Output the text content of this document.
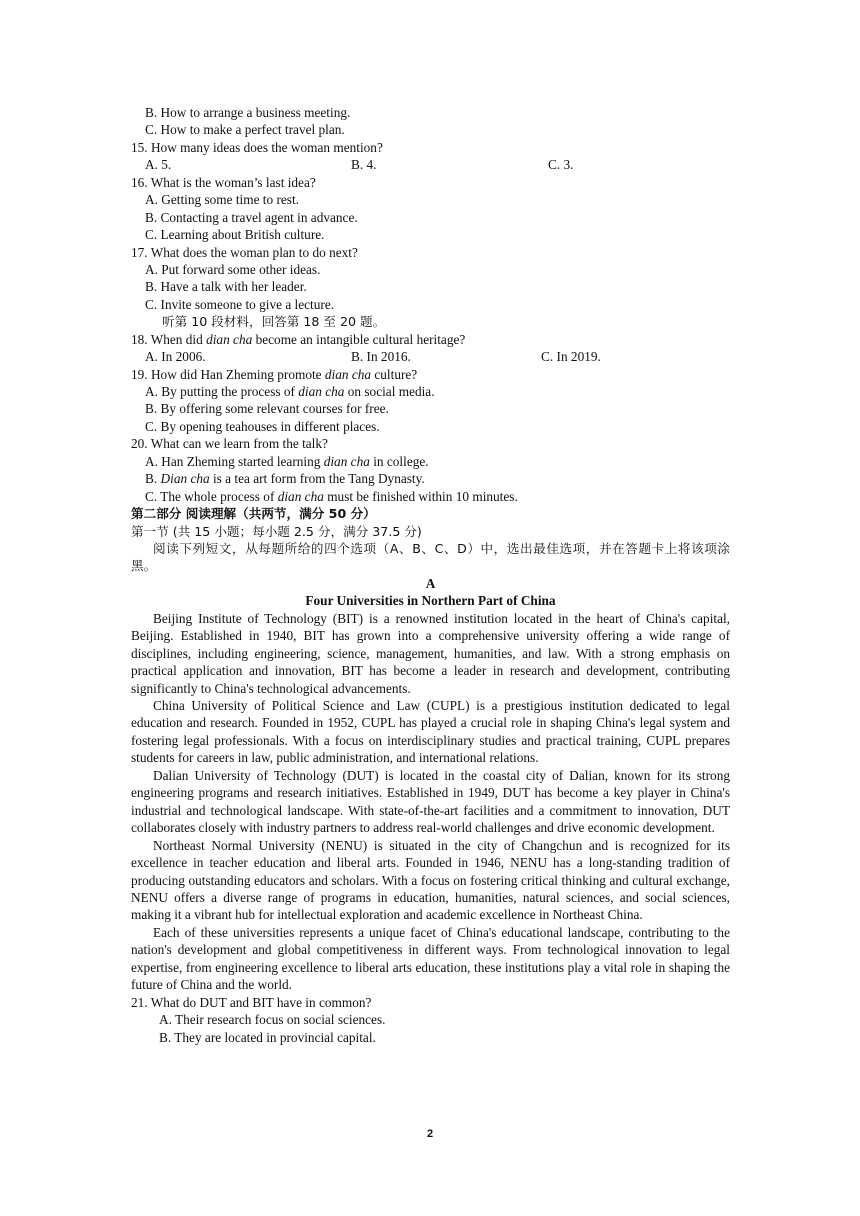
B. How to arrange a business meeting.
C. How to make a perfect travel plan.
15. How many ideas does the woman mention?
A. 5.	B. 4.	C. 3.
16. What is the woman’s last idea?
A. Getting some time to rest.
B. Contacting a travel agent in advance.
C. Learning about British culture.
17. What does the woman plan to do next?
A. Put forward some other ideas.
B. Have a talk with her leader.
C. Invite someone to give a lecture.
听第 10 段材料，回答第 18 至 20 题。
18. When did dian cha become an intangible cultural heritage?
A. In 2006.	B. In 2016.	C. In 2019.
19. How did Han Zheming promote dian cha culture?
A. By putting the process of dian cha on social media.
B. By offering some relevant courses for free.
C. By opening teahouses in different places.
20. What can we learn from the talk?
A. Han Zheming started learning dian cha in college.
B. Dian cha is a tea art form from the Tang Dynasty.
C. The whole process of dian cha must be finished within 10 minutes.
第二部分 阅读理解（共两节，满分 50 分）
第一节 (共 15 小题；每小题 2.5 分，满分 37.5 分)
阅读下列短文，从每题所给的四个选项（A、B、C、D）中，选出最佳选项，并在答题卡上将该项涂黑。
A
Four Universities in Northern Part of China
Beijing Institute of Technology (BIT) is a renowned institution located in the heart of China's capital, Beijing. Established in 1940, BIT has grown into a comprehensive university offering a wide range of disciplines, including engineering, science, management, humanities, and law. With a strong emphasis on practical application and innovation, BIT has become a leader in research and development, contributing significantly to China's technological advancements.
China University of Political Science and Law (CUPL) is a prestigious institution dedicated to legal education and research. Founded in 1952, CUPL has played a crucial role in shaping China's legal system and fostering legal professionals. With a focus on interdisciplinary studies and practical training, CUPL prepares students for careers in law, public administration, and international relations.
Dalian University of Technology (DUT) is located in the coastal city of Dalian, known for its strong engineering programs and research initiatives. Established in 1949, DUT has become a key player in China's industrial and technological landscape. With state-of-the-art facilities and a commitment to innovation, DUT collaborates closely with industry partners to address real-world challenges and drive economic development.
Northeast Normal University (NENU) is situated in the city of Changchun and is recognized for its excellence in teacher education and liberal arts. Founded in 1946, NENU has a long-standing tradition of producing outstanding educators and scholars. With a focus on fostering critical thinking and cultural exchange, NENU offers a diverse range of programs in education, humanities, natural sciences, and social sciences, making it a vibrant hub for intellectual exploration and academic excellence in Northeast China.
Each of these universities represents a unique facet of China's educational landscape, contributing to the nation's development and global competitiveness in different ways. From technological innovation to legal expertise, from engineering excellence to liberal arts education, these institutions play a vital role in shaping the future of China and the world.
21. What do DUT and BIT have in common?
A. Their research focus on social sciences.
B. They are located in provincial capital.
2
